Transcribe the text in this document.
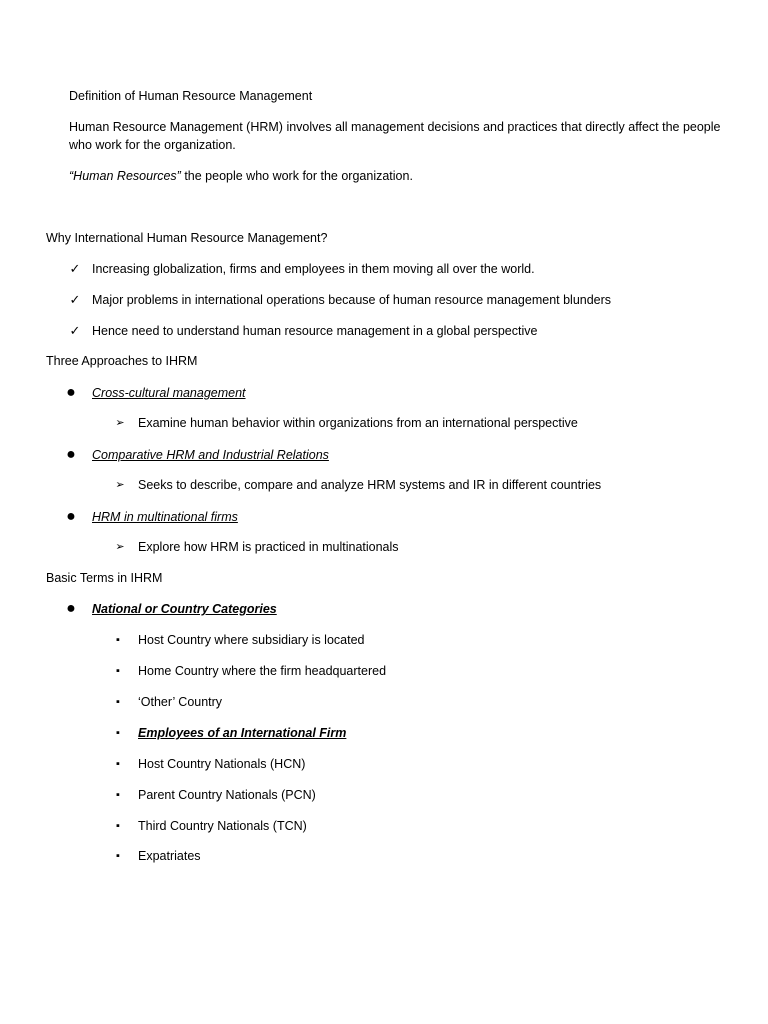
Definition of Human Resource Management
Human Resource Management (HRM) involves all management decisions and practices that directly affect the people
who work for the organization.
“Human Resources” the people who work for the organization.
Why International Human Resource Management?
✓ Increasing globalization, firms and employees in them moving all over the world.
✓ Major problems in international operations because of human resource management blunders
✓ Hence need to understand human resource management in a global perspective
Three Approaches to IHRM
● Cross-cultural management
➢ Examine human behavior within organizations from an international perspective
● Comparative HRM and Industrial Relations
➢ Seeks to describe, compare and analyze HRM systems and IR in different countries
● HRM in multinational firms
➢ Explore how HRM is practiced in multinationals
Basic Terms in IHRM
● National or Country Categories
▪	Host Country where subsidiary is located
▪	Home Country where the firm headquartered
▪	‘Other’ Country
▪	Employees of an International Firm
▪	Host Country Nationals (HCN)
▪	Parent Country Nationals (PCN)
▪	Third Country Nationals (TCN)
▪	Expatriates
